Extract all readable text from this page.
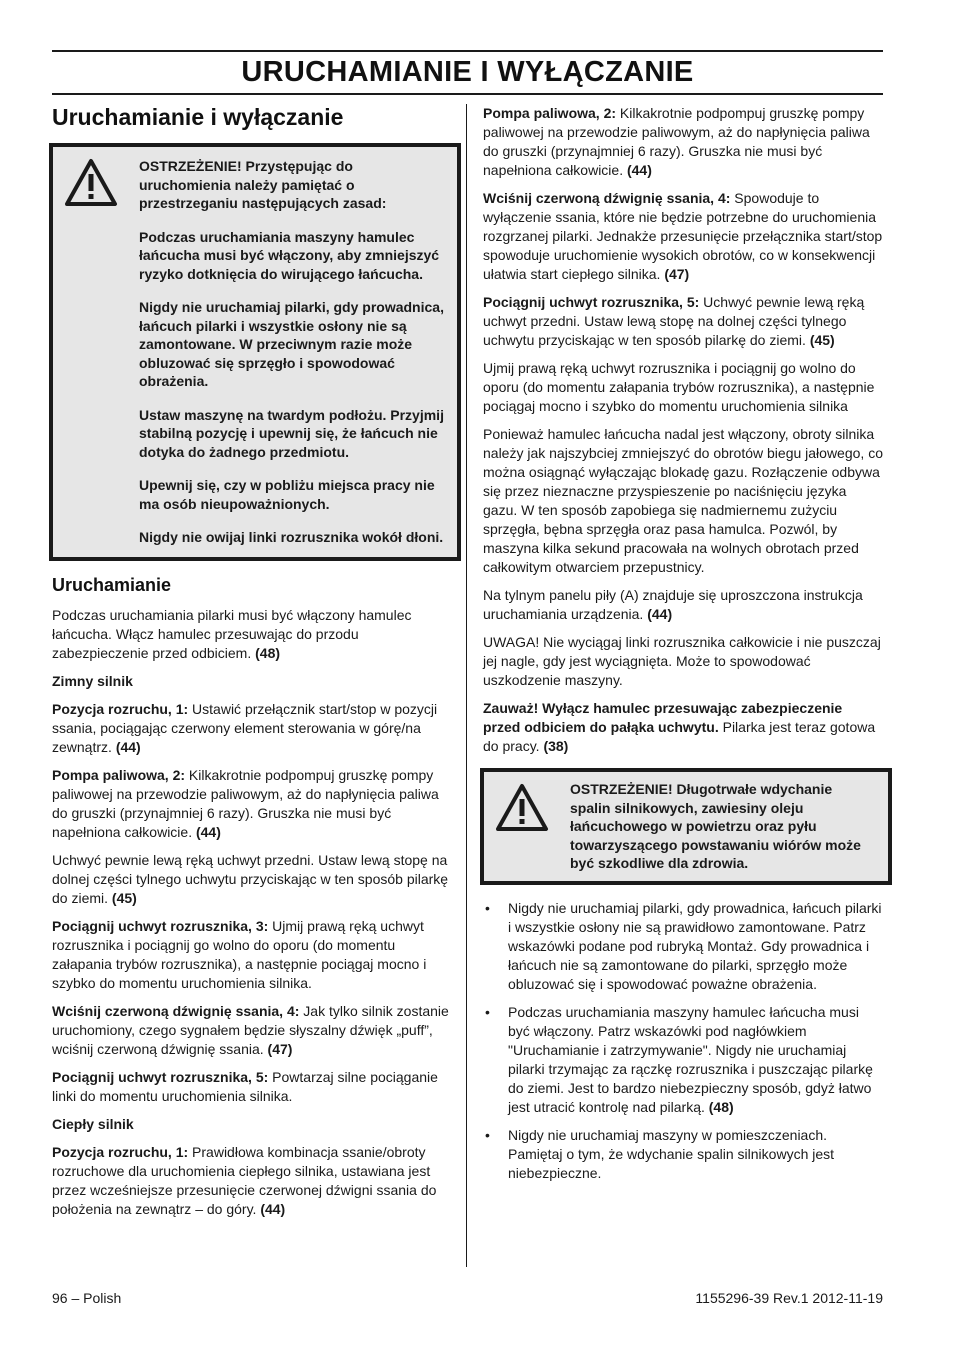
URUCHAMIANIE I WYŁĄCZANIE
Uruchamianie i wyłączanie

OSTRZEŻENIE! Przystępując do uruchomienia należy pamiętać o przestrzeganiu następujących zasad:

Podczas uruchamiania maszyny hamulec łańcucha musi być włączony, aby zmniejszyć ryzyko dotknięcia do wirującego łańcucha.

Nigdy nie uruchamiaj pilarki, gdy prowadnica, łańcuch pilarki i wszystkie osłony nie są zamontowane. W przeciwnym razie może obluzować się sprzęgło i spowodować obrażenia.

Ustaw maszynę na twardym podłożu. Przyjmij stabilną pozycję i upewnij się, że łańcuch nie dotyka do żadnego przedmiotu.

Upewnij się, czy w pobliżu miejsca pracy nie ma osób nieupoważnionych.

Nigdy nie owijaj linki rozrusznika wokół dłoni.

Uruchamianie

Podczas uruchamiania pilarki musi być włączony hamulec łańcucha. Włącz hamulec przesuwając do przodu zabezpieczenie przed odbiciem. (48)

Zimny silnik

Pozycja rozruchu, 1: Ustawić przełącznik start/stop w pozycji ssania, pociągając czerwony element sterowania w górę/na zewnątrz. (44)

Pompa paliwowa, 2: Kilkakrotnie podpompuj gruszkę pompy paliwowej na przewodzie paliwowym, aż do napłynięcia paliwa do gruszki (przynajmniej 6 razy). Gruszka nie musi być napełniona całkowicie. (44)

Uchwyć pewnie lewą ręką uchwyt przedni. Ustaw lewą stopę na dolnej części tylnego uchwytu przyciskając w ten sposób pilarkę do ziemi. (45)

Pociągnij uchwyt rozrusznika, 3: Ujmij prawą ręką uchwyt rozrusznika i pociągnij go wolno do oporu (do momentu załapania trybów rozrusznika), a następnie pociągaj mocno i szybko do momentu uruchomienia silnika.

Wciśnij czerwoną dźwignię ssania, 4: Jak tylko silnik zostanie uruchomiony, czego sygnałem będzie słyszalny dźwięk „puff”, wciśnij czerwoną dźwignię ssania. (47)

Pociągnij uchwyt rozrusznika, 5: Powtarzaj silne pociąganie linki do momentu uruchomienia silnika.

Ciepły silnik

Pozycja rozruchu, 1: Prawidłowa kombinacja ssanie/obroty rozruchowe dla uruchomienia ciepłego silnika, ustawiana jest przez wcześniejsze przesunięcie czerwonej dźwigni ssania do położenia na zewnątrz – do góry. (44)

Pompa paliwowa, 2: Kilkakrotnie podpompuj gruszkę pompy paliwowej na przewodzie paliwowym, aż do napłynięcia paliwa do gruszki (przynajmniej 6 razy). Gruszka nie musi być napełniona całkowicie. (44)

Wciśnij czerwoną dźwignię ssania, 4: Spowoduje to wyłączenie ssania, które nie będzie potrzebne do uruchomienia rozgrzanej pilarki. Jednakże przesunięcie przełącznika start/stop spowoduje uruchomienie wysokich obrotów, co w konsekwencji ułatwia start ciepłego silnika. (47)

Pociągnij uchwyt rozrusznika, 5: Uchwyć pewnie lewą ręką uchwyt przedni. Ustaw lewą stopę na dolnej części tylnego uchwytu przyciskając w ten sposób pilarkę do ziemi. (45)

Ujmij prawą ręką uchwyt rozrusznika i pociągnij go wolno do oporu (do momentu załapania trybów rozrusznika), a następnie pociągaj mocno i szybko do momentu uruchomienia silnika

Ponieważ hamulec łańcucha nadal jest włączony, obroty silnika należy jak najszybciej zmniejszyć do obrotów biegu jałowego, co można osiągnąć wyłączając blokadę gazu. Rozłączenie odbywa się przez nieznaczne przyspieszenie po naciśnięciu języka gazu. W ten sposób zapobiega się nadmiernemu zużyciu sprzęgła, bębna sprzęgła oraz pasa hamulca. Pozwól, by maszyna kilka sekund pracowała na wolnych obrotach przed całkowitym otwarciem przepustnicy.

Na tylnym panelu piły (A) znajduje się uproszczona instrukcja uruchamiania urządzenia. (44)

UWAGA! Nie wyciągaj linki rozrusznika całkowicie i nie puszczaj jej nagle, gdy jest wyciągnięta. Może to spowodować uszkodzenie maszyny.

Zauważ! Wyłącz hamulec przesuwając zabezpieczenie przed odbiciem do pałąka uchwytu. Pilarka jest teraz gotowa do pracy. (38)

OSTRZEŻENIE! Długotrwałe wdychanie spalin silnikowych, zawiesiny oleju łańcuchowego w powietrzu oraz pyłu towarzyszącego powstawaniu wiórów może być szkodliwe dla zdrowia.

• Nigdy nie uruchamiaj pilarki, gdy prowadnica, łańcuch pilarki i wszystkie osłony nie są prawidłowo zamontowane. Patrz wskazówki podane pod rubryką Montaż. Gdy prowadnica i łańcuch nie są zamontowane do pilarki, sprzęgło może obluzować się i spowodować poważne obrażenia.
• Podczas uruchamiania maszyny hamulec łańcucha musi być włączony. Patrz wskazówki pod nagłówkiem "Uruchamianie i zatrzymywanie". Nigdy nie uruchamiaj pilarki trzymając za rączkę rozrusznika i puszczając pilarkę do ziemi. Jest to bardzo niebezpieczny sposób, gdyż łatwo jest utracić kontrolę nad pilarką. (48)
• Nigdy nie uruchamiaj maszyny w pomieszczeniach. Pamiętaj o tym, że wdychanie spalin silnikowych jest niebezpieczne.
96 – Polish	1155296-39 Rev.1 2012-11-19
